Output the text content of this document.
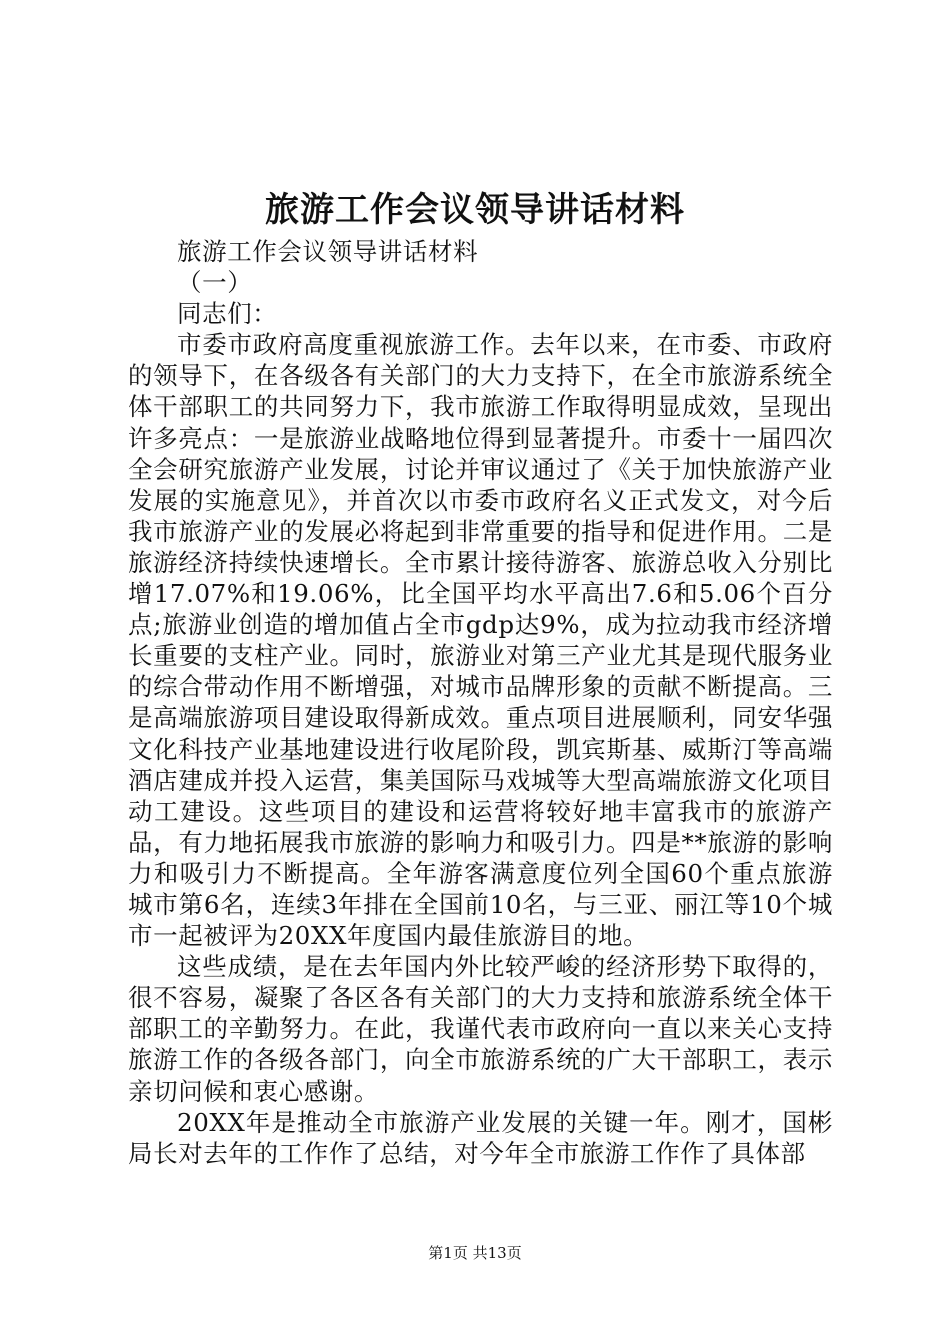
旅游工作会议领导讲话材料

旅游工作会议领导讲话材料

（一）

同志们：

市委市政府高度重视旅游工作。去年以来，在市委、市政府的领导下，在各级各有关部门的大力支持下，在全市旅游系统全体干部职工的共同努力下，我市旅游工作取得明显成效，呈现出许多亮点：一是旅游业战略地位得到显著提升。市委十一届四次全会研究旅游产业发展，讨论并审议通过了《关于加快旅游产业发展的实施意见》，并首次以市委市政府名义正式发文，对今后我市旅游产业的发展必将起到非常重要的指导和促进作用。二是旅游经济持续快速增长。全市累计接待游客、旅游总收入分别比增17.07%和19.06%，比全国平均水平高出7.6和5.06个百分点;旅游业创造的增加值占全市gdp达9%，成为拉动我市经济增长重要的支柱产业。同时，旅游业对第三产业尤其是现代服务业的综合带动作用不断增强，对城市品牌形象的贡献不断提高。三是高端旅游项目建设取得新成效。重点项目进展顺利，同安华强文化科技产业基地建设进行收尾阶段，凯宾斯基、威斯汀等高端酒店建成并投入运营，集美国际马戏城等大型高端旅游文化项目动工建设。这些项目的建设和运营将较好地丰富我市的旅游产品，有力地拓展我市旅游的影响力和吸引力。四是**旅游的影响力和吸引力不断提高。全年游客满意度位列全国60个重点旅游城市第6名，连续3年排在全国前10名，与三亚、丽江等10个城市一起被评为20XX年度国内最佳旅游目的地。

这些成绩，是在去年国内外比较严峻的经济形势下取得的，很不容易，凝聚了各区各有关部门的大力支持和旅游系统全体干部职工的辛勤努力。在此，我谨代表市政府向一直以来关心支持旅游工作的各级各部门，向全市旅游系统的广大干部职工，表示亲切问候和衷心感谢。

20XX年是推动全市旅游产业发展的关键一年。刚才，国彬局长对去年的工作作了总结，对今年全市旅游工作作了具体部

第1页 共13页
